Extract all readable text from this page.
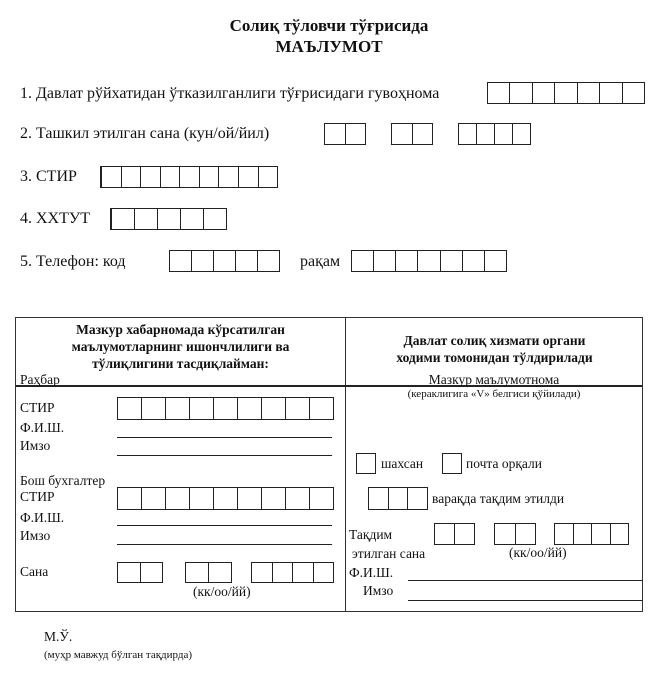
Солиқ тўловчи тўғрисида
МАЪЛУМОТ
1. Давлат рўйхатидан ўтказилганлиги тўғрисидаги гувоҳнома
2. Ташкил этилган сана (кун/ой/йил)
3. СТИР
4. ХХТУТ
5. Телефон: код	рақам
Мазкур хабарномада кўрсатилган
маълумотларнинг ишончлилиги ва
тўлиқлигини тасдиқлайман:
Давлат солиқ хизмати органи
ходими томонидан тўлдирилади
Раҳбар
СТИР
Ф.И.Ш.
Имзо
Бош бухгалтер
СТИР
Ф.И.Ш.
Имзо
Сана
(кк/оо/йй)
Мазкур маълумотнома
(кераклигига «V» белгиси қўйилади)
шахсан	почта орқали
варақда тақдим этилди
Тақдим
этилган сана	(кк/оо/йй)
Ф.И.Ш.
Имзо
М.Ў.
(муҳр мавжуд бўлган тақдирда)
